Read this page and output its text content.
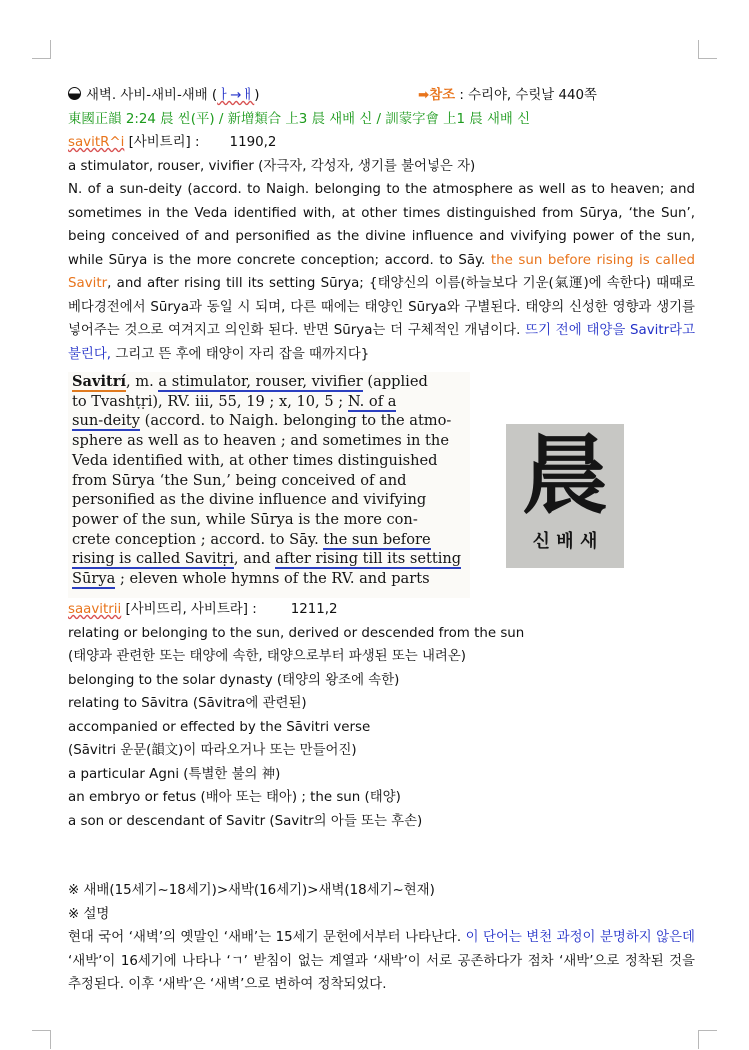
새벽. 사비-새비-새배 (ㅏ→ㅐ)	➡참조 : 수리야, 수릿날 440쪽
東國正韻 2:24 晨 씬(平) / 新增類合 上3 晨 새배 신 / 訓蒙字會 上1 晨 새배 신
savitR^i [사비트리] : 1190,2
a stimulator, rouser, vivifier (자극자, 각성자, 생기를 불어넣은 자)
N. of a sun-deity (accord. to Naigh. belonging to the atmosphere as well as to heaven; and sometimes in the Veda identified with, at other times distinguished from Sūrya, ‘the Sun’, being conceived of and personified as the divine influence and vivifying power of the sun, while Sūrya is the more concrete conception; accord. to Sāy. the sun before rising is called Savitr, and after rising till its setting Sūrya; {태양신의 이름(하늘보다 기운(氣運)에 속한다) 때때로 베다경전에서 Sūrya과 동일 시 되며, 다른 때에는 태양인 Sūrya와 구별된다. 태양의 신성한 영향과 생기를 넣어주는 것으로 여겨지고 의인화 된다. 반면 Sūrya는 더 구체적인 개념이다. 뜨기 전에 태양을 Savitr라고 불린다, 그리고 뜬 후에 태양이 자리 잡을 때까지다}
Savitrí, m. a stimulator, rouser, vivifier (applied
to Tvashṭṛi), RV. iii, 55, 19 ; x, 10, 5 ; N. of a
sun-deity (accord. to Naigh. belonging to the atmo-
sphere as well as to heaven ; and sometimes in the
Veda identified with, at other times distinguished
from Sūrya ‘the Sun,’ being conceived of and
personified as the divine influence and vivifying
power of the sun, while Sūrya is the more con-
crete conception ; accord. to Sāy. the sun before
rising is called Savitṛi, and after rising till its setting
Sūrya ; eleven whole hymns of the RV. and parts
晨
신 배 새
saavitrii [사비뜨리, 사비트라] :	1211,2
relating or belonging to the sun, derived or descended from the sun
(태양과 관련한 또는 태양에 속한, 태양으로부터 파생된 또는 내려온)
belonging to the solar dynasty (태양의 왕조에 속한)
relating to Sāvitra (Sāvitra에 관련된)
accompanied or effected by the Sāvitri verse
(Sāvitri 운문(韻文)이 따라오거나 또는 만들어진)
a particular Agni (특별한 불의 神)
an embryo or fetus (배아 또는 태아) ; the sun (태양)
a son or descendant of Savitr (Savitr의 아들 또는 후손)
※ 새배(15세기~18세기)>새박(16세기)>새벽(18세기~현재)
※ 설명
현대 국어 ‘새벽’의 옛말인 ‘새배’는 15세기 문헌에서부터 나타난다. 이 단어는 변천 과정이 분명하지 않은데 ‘새박’이 16세기에 나타나 ‘ㄱ’ 받침이 없는 계열과 ‘새박’이 서로 공존하다가 점차 ‘새박’으로 정착된 것을 추정된다. 이후 ‘새박’은 ‘새벽’으로 변하여 정착되었다.
